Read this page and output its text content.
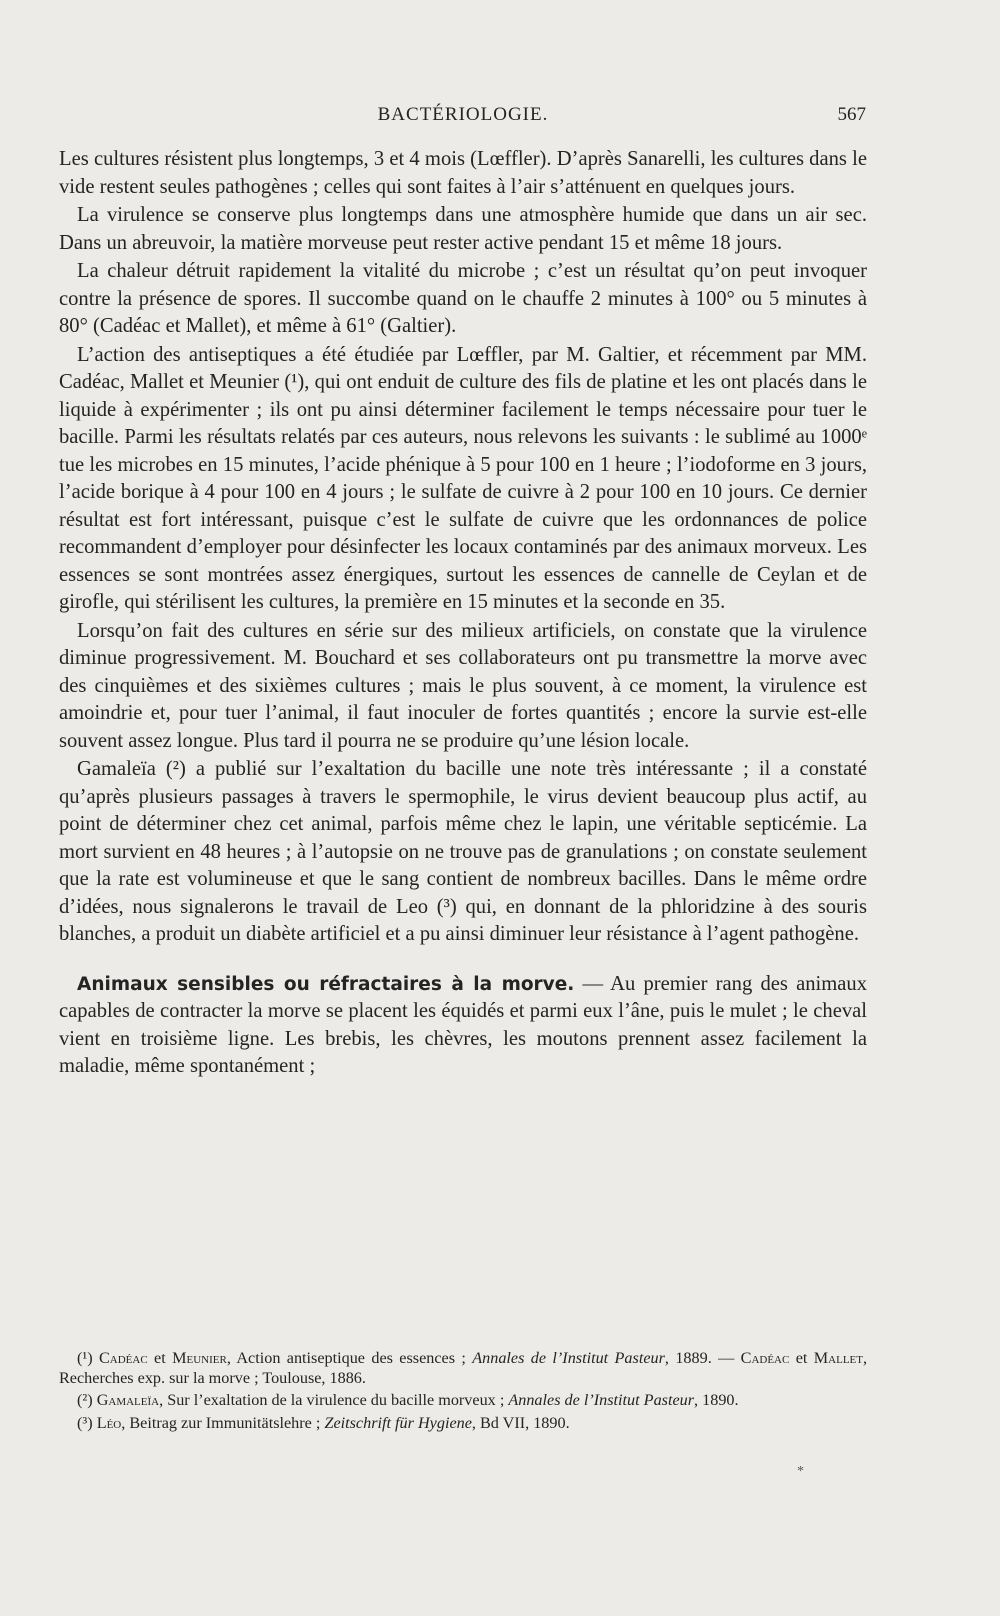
BACTÉRIOLOGIE.	567

Les cultures résistent plus longtemps, 3 et 4 mois (Lœffler). D’après Sanarelli, les cultures dans le vide restent seules pathogènes ; celles qui sont faites à l’air s’atténuent en quelques jours.

La virulence se conserve plus longtemps dans une atmosphère humide que dans un air sec. Dans un abreuvoir, la matière morveuse peut rester active pendant 15 et même 18 jours.

La chaleur détruit rapidement la vitalité du microbe ; c’est un résultat qu’on peut invoquer contre la présence de spores. Il succombe quand on le chauffe 2 minutes à 100° ou 5 minutes à 80° (Cadéac et Mallet), et même à 61° (Galtier).

L’action des antiseptiques a été étudiée par Lœffler, par M. Galtier, et récemment par MM. Cadéac, Mallet et Meunier (¹), qui ont enduit de culture des fils de platine et les ont placés dans le liquide à expérimenter ; ils ont pu ainsi déterminer facilement le temps nécessaire pour tuer le bacille. Parmi les résultats relatés par ces auteurs, nous relevons les suivants : le sublimé au 1000ᵉ tue les microbes en 15 minutes, l’acide phénique à 5 pour 100 en 1 heure ; l’iodoforme en 3 jours, l’acide borique à 4 pour 100 en 4 jours ; le sulfate de cuivre à 2 pour 100 en 10 jours. Ce dernier résultat est fort intéressant, puisque c’est le sulfate de cuivre que les ordonnances de police recommandent d’employer pour désinfecter les locaux contaminés par des animaux morveux. Les essences se sont montrées assez énergiques, surtout les essences de cannelle de Ceylan et de girofle, qui stérilisent les cultures, la première en 15 minutes et la seconde en 35.

Lorsqu’on fait des cultures en série sur des milieux artificiels, on constate que la virulence diminue progressivement. M. Bouchard et ses collaborateurs ont pu transmettre la morve avec des cinquièmes et des sixièmes cultures ; mais le plus souvent, à ce moment, la virulence est amoindrie et, pour tuer l’animal, il faut inoculer de fortes quantités ; encore la survie est-elle souvent assez longue. Plus tard il pourra ne se produire qu’une lésion locale.

Gamaleïa (²) a publié sur l’exaltation du bacille une note très intéressante ; il a constaté qu’après plusieurs passages à travers le spermophile, le virus devient beaucoup plus actif, au point de déterminer chez cet animal, parfois même chez le lapin, une véritable septicémie. La mort survient en 48 heures ; à l’autopsie on ne trouve pas de granulations ; on constate seulement que la rate est volumineuse et que le sang contient de nombreux bacilles. Dans le même ordre d’idées, nous signalerons le travail de Leo (³) qui, en donnant de la phloridzine à des souris blanches, a produit un diabète artificiel et a pu ainsi diminuer leur résistance à l’agent pathogène.

Animaux sensibles ou réfractaires à la morve. — Au premier rang des animaux capables de contracter la morve se placent les équidés et parmi eux l’âne, puis le mulet ; le cheval vient en troisième ligne. Les brebis, les chèvres, les moutons prennent assez facilement la maladie, même spontanément ;

(¹) Cadéac et Meunier, Action antiseptique des essences ; Annales de l’Institut Pasteur, 1889. — Cadéac et Mallet, Recherches exp. sur la morve ; Toulouse, 1886.

(²) Gamaleïa, Sur l’exaltation de la virulence du bacille morveux ; Annales de l’Institut Pasteur, 1890.

(³) Léo, Beitrag zur Immunitätslehre ; Zeitschrift für Hygiene, Bd VII, 1890.

*
